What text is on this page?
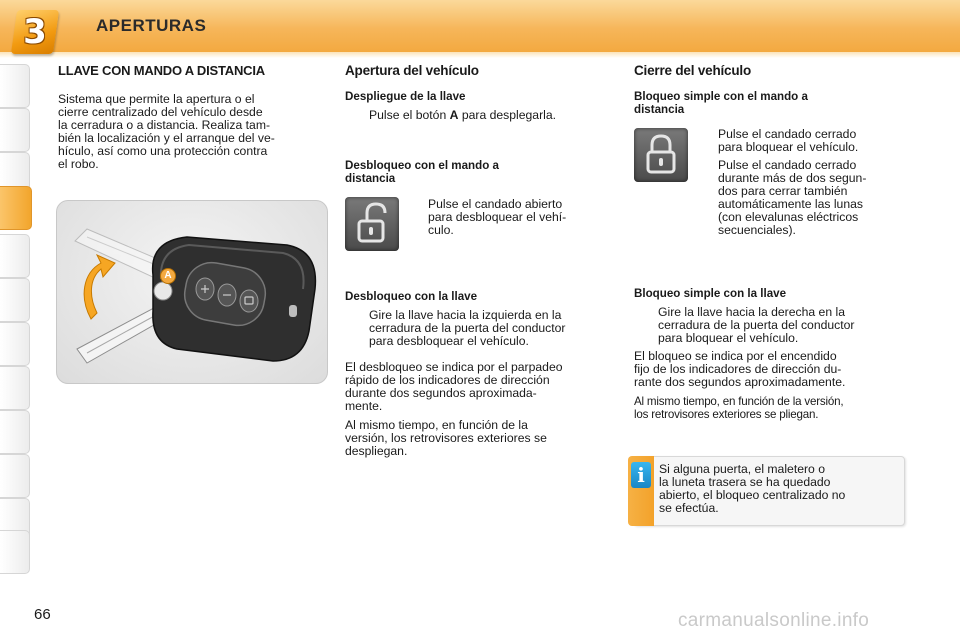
3	APERTURAS
LLAVE CON MANDO A DISTANCIA
Sistema que permite la apertura o el
cierre centralizado del vehículo desde
la cerradura o a distancia. Realiza tam-
bién la localización y el arranque del ve-
hículo, así como una protección contra
el robo.
A
Apertura del vehículo
Despliegue de la llave
Pulse el botón A para desplegarla.
Desbloqueo con el mando a
distancia
Pulse el candado abierto
para desbloquear el vehí-
culo.
Desbloqueo con la llave
Gire la llave hacia la izquierda en la
cerradura de la puerta del conductor
para desbloquear el vehículo.
El desbloqueo se indica por el parpadeo
rápido de los indicadores de dirección
durante dos segundos aproximada-
mente.
Al mismo tiempo, en función de la
versión, los retrovisores exteriores se
despliegan.
Cierre del vehículo
Bloqueo simple con el mando a
distancia
Pulse el candado cerrado
para bloquear el vehículo.
Pulse el candado cerrado
durante más de dos segun-
dos para cerrar también
automáticamente las lunas
(con elevalunas eléctricos
secuenciales).
Bloqueo simple con la llave
Gire la llave hacia la derecha en la
cerradura de la puerta del conductor
para bloquear el vehículo.
El bloqueo se indica por el encendido
fijo de los indicadores de dirección du-
rante dos segundos aproximadamente.
Al mismo tiempo, en función de la versión,
los retrovisores exteriores se pliegan.
i	Si alguna puerta, el maletero o
la luneta trasera se ha quedado
abierto, el bloqueo centralizado no
se efectúa.
66	carmanualsonline.info
